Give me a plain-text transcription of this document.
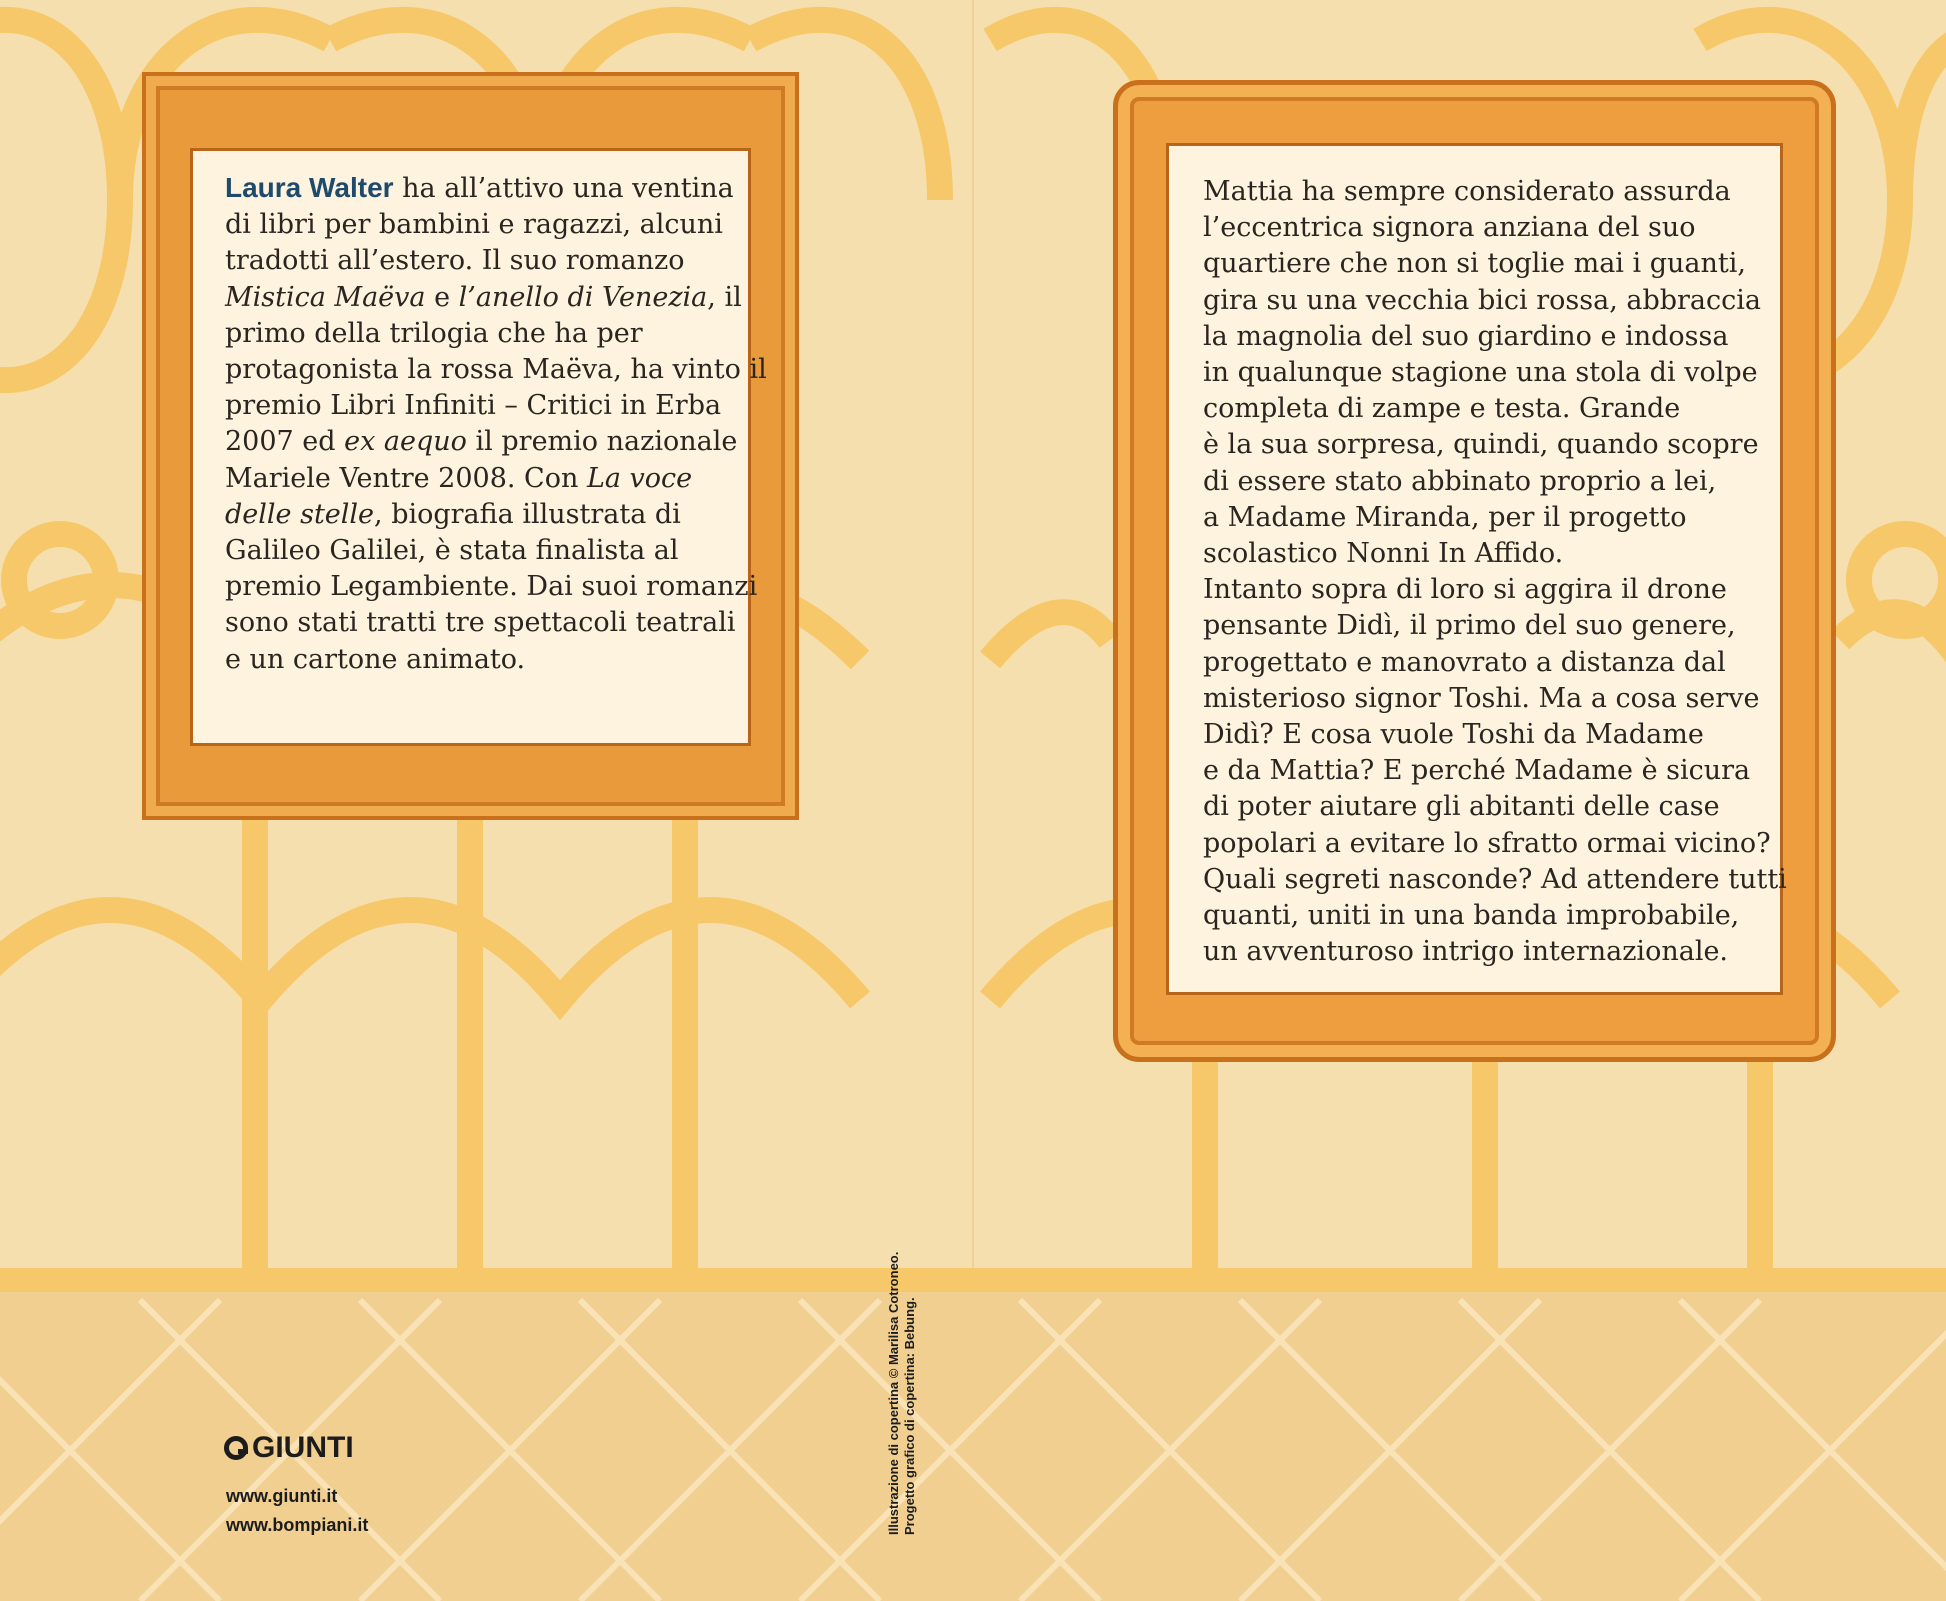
Laura Walter ha all’attivo una ventina
di libri per bambini e ragazzi, alcuni
tradotti all’estero. Il suo romanzo
Mistica Maëva e l’anello di Venezia, il
primo della trilogia che ha per
protagonista la rossa Maëva, ha vinto il
premio Libri Infiniti – Critici in Erba
2007 ed ex aequo il premio nazionale
Mariele Ventre 2008. Con La voce
delle stelle, biografia illustrata di
Galileo Galilei, è stata finalista al
premio Legambiente. Dai suoi romanzi
sono stati tratti tre spettacoli teatrali
e un cartone animato.
Mattia ha sempre considerato assurda
l’eccentrica signora anziana del suo
quartiere che non si toglie mai i guanti,
gira su una vecchia bici rossa, abbraccia
la magnolia del suo giardino e indossa
in qualunque stagione una stola di volpe
completa di zampe e testa. Grande
è la sua sorpresa, quindi, quando scopre
di essere stato abbinato proprio a lei,
a Madame Miranda, per il progetto
scolastico Nonni In Affido.
Intanto sopra di loro si aggira il drone
pensante Didì, il primo del suo genere,
progettato e manovrato a distanza dal
misterioso signor Toshi. Ma a cosa serve
Didì? E cosa vuole Toshi da Madame
e da Mattia? E perché Madame è sicura
di poter aiutare gli abitanti delle case
popolari a evitare lo sfratto ormai vicino?
Quali segreti nasconde? Ad attendere tutti
quanti, uniti in una banda improbabile,
un avventuroso intrigo internazionale.
GIUNTI
www.giunti.it
www.bompiani.it	Illustrazione di copertina © Marilisa Cotroneo. Progetto grafico di copertina: Bebung.
